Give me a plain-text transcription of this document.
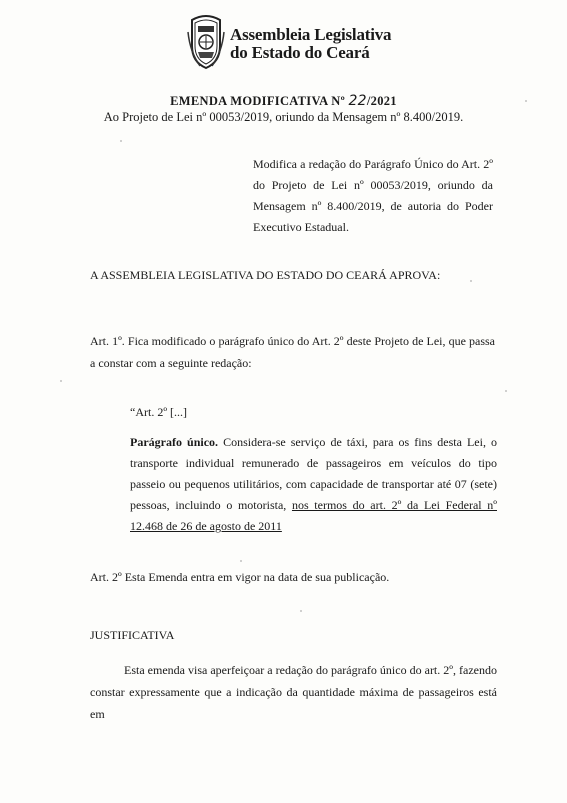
Assembleia Legislativa
do Estado do Ceará
EMENDA MODIFICATIVA Nº 22/2021
Ao Projeto de Lei nº 00053/2019, oriundo da Mensagem nº 8.400/2019.
Modifica a redação do Parágrafo Único do Art. 2º do Projeto de Lei nº 00053/2019, oriundo da Mensagem nº 8.400/2019, de autoria do Poder Executivo Estadual.
A ASSEMBLEIA LEGISLATIVA DO ESTADO DO CEARÁ APROVA:
Art. 1º. Fica modificado o parágrafo único do Art. 2º deste Projeto de Lei, que passa a constar com a seguinte redação:
“Art. 2º [...]
Parágrafo único. Considera-se serviço de táxi, para os fins desta Lei, o transporte individual remunerado de passageiros em veículos do tipo passeio ou pequenos utilitários, com capacidade de transportar até 07 (sete) pessoas, incluindo o motorista, nos termos do art. 2º da Lei Federal nº 12.468 de 26 de agosto de 2011
Art. 2º Esta Emenda entra em vigor na data de sua publicação.
JUSTIFICATIVA
Esta emenda visa aperfeiçoar a redação do parágrafo único do art. 2º, fazendo constar expressamente que a indicação da quantidade máxima de passageiros está em
